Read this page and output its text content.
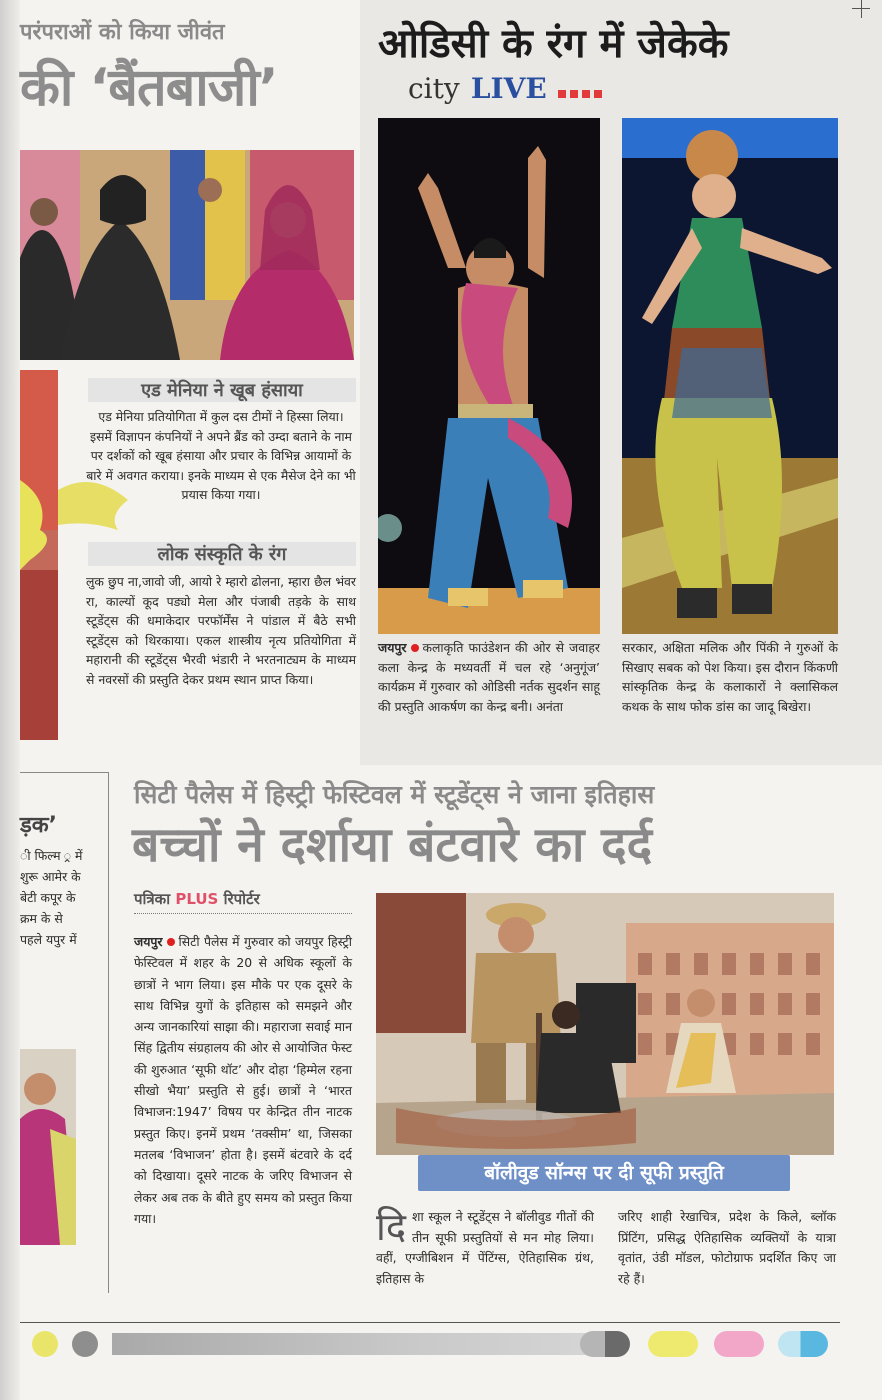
परंपराओं को किया जीवंत
की ‘बैंतबाजी’
एड मेनिया ने खूब हंसाया
एड मेनिया प्रतियोगिता में कुल दस टीमों ने हिस्सा लिया। इसमें विज्ञापन कंपनियों ने अपने ब्रैंड को उम्दा बताने के नाम पर दर्शकों को खूब हंसाया और प्रचार के विभिन्न आयामों के बारे में अवगत कराया। इनके माध्यम से एक मैसेज देने का भी प्रयास किया गया।
लोक संस्कृति के रंग
लुक छुप ना,जावो जी, आयो रे म्हारो ढोलना, म्हारा छैल भंवर रा, काल्यों कूद पड्यो मेला और पंजाबी तड़के के साथ स्टूडेंट्स की धमाकेदार परफॉर्मेंस ने पांडाल में बैठे सभी स्टूडेंट्स को थिरकाया। एकल शास्त्रीय नृत्य प्रतियोगिता में महारानी की स्टूडेंट्स भैरवी भंडारी ने भरतनाट्यम के माध्यम से नवरसों की प्रस्तुति देकर प्रथम स्थान प्राप्त किया।
ओडिसी के रंग में जेकेके
city LIVE
जयपुर कलाकृति फाउंडेशन की ओर से जवाहर कला केन्द्र के मध्यवर्ती में चल रहे ‘अनुगूंज’ कार्यक्रम में गुरुवार को ओडिसी नर्तक सुदर्शन साहू की प्रस्तुति आकर्षण का केन्द्र बनी। अनंता
सरकार, अक्षिता मलिक और पिंकी ने गुरुओं के सिखाए सबक को पेश किया। इस दौरान किंकणी सांस्कृतिक केन्द्र के कलाकारों ने क्लासिकल कथक के साथ फोक डांस का जादू बिखेरा।
ड़क’
ी फिल्म ्र में शुरू आमेर के बेटी कपूर के क्रम के से पहले यपुर में
सिटी पैलेस में हिस्ट्री फेस्टिवल में स्टूडेंट्स ने जाना इतिहास
बच्चों ने दर्शाया बंटवारे का दर्द
पत्रिका PLUS रिपोर्टर
जयपुर सिटी पैलेस में गुरुवार को जयपुर हिस्ट्री फेस्टिवल में शहर के 20 से अधिक स्कूलों के छात्रों ने भाग लिया। इस मौके पर एक दूसरे के साथ विभिन्न युगों के इतिहास को समझने और अन्य जानकारियां साझा की। महाराजा सवाई मान सिंह द्वितीय संग्रहालय की ओर से आयोजित फेस्ट की शुरुआत ‘सूफी थॉट’ और दोहा ‘हिम्मेल रहना सीखो भैया’ प्रस्तुति से हुई। छात्रों ने ‘भारत विभाजन:1947’ विषय पर केन्द्रित तीन नाटक प्रस्तुत किए। इनमें प्रथम ‘तक्सीम’ था, जिसका मतलब ‘विभाजन’ होता है। इसमें बंटवारे के दर्द को दिखाया। दूसरे नाटक के जरिए विभाजन से लेकर अब तक के बीते हुए समय को प्रस्तुत किया गया।
बॉलीवुड सॉन्ग्स पर दी सूफी प्रस्तुति
दिशा स्कूल ने स्टूडेंट्स ने बॉलीवुड गीतों की तीन सूफी प्रस्तुतियों से मन मोह लिया। वहीं, एग्जीबिशन में पेंटिंग्स, ऐतिहासिक ग्रंथ, इतिहास के
जरिए शाही रेखाचित्र, प्रदेश के किले, ब्लॉक प्रिंटिंग, प्रसिद्ध ऐतिहासिक व्यक्तियों के यात्रा वृतांत, उंडी मॉडल, फोटोग्राफ प्रदर्शित किए जा रहे हैं।
